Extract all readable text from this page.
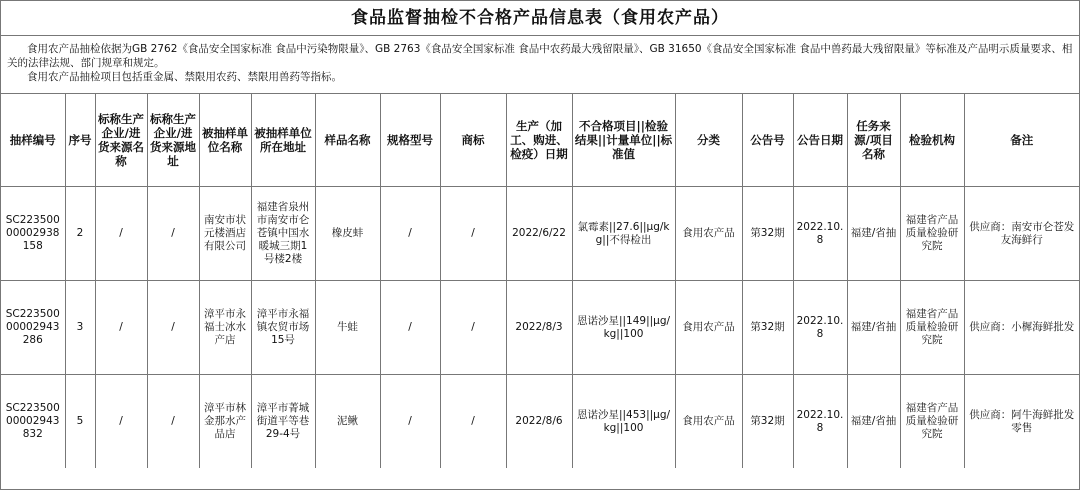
食品监督抽检不合格产品信息表（食用农产品）

食用农产品抽检依据为GB 2762《食品安全国家标准 食品中污染物限量》、GB 2763《食品安全国家标准 食品中农药最大残留限量》、GB 31650《食品安全国家标准 食品中兽药最大残留限量》等标准及产品明示质量要求、相关的法律法规、部门规章和规定。

食用农产品抽检项目包括重金属、禁限用农药、禁限用兽药等指标。

抽样编号	序号	标称生产企业/进货来源名称	标称生产企业/进货来源地址	被抽样单位名称	被抽样单位所在地址	样品名称	规格型号	商标	生产（加工、购进、检疫）日期	不合格项目||检验结果||计量单位||标准值	分类	公告号	公告日期	任务来源/项目名称	检验机构	备注
SC22350000002938158	2	/	/	南安市状元楼酒店有限公司	福建省泉州市南安市仑苍镇中国水暖城三期1号楼2楼	橡皮蚌	/	/	2022/6/22	氯霉素||27.6||μg/kg||不得检出	食用农产品	第32期	2022.10.8	福建/省抽	福建省产品质量检验研究院	供应商：南安市仑苍发友海鲜行
SC22350000002943286	3	/	/	漳平市永福士冰水产店	漳平市永福镇农贸市场15号	牛蛙	/	/	2022/8/3	恩诺沙星||149||μg/kg||100	食用农产品	第32期	2022.10.8	福建/省抽	福建省产品质量检验研究院	供应商：小樨海鲜批发
SC22350000002943832	5	/	/	漳平市林金那水产品店	漳平市菁城街道平等巷29-4号	泥鳅	/	/	2022/8/6	恩诺沙星||453||μg/kg||100	食用农产品	第32期	2022.10.8	福建/省抽	福建省产品质量检验研究院	供应商：阿牛海鲜批发零售
